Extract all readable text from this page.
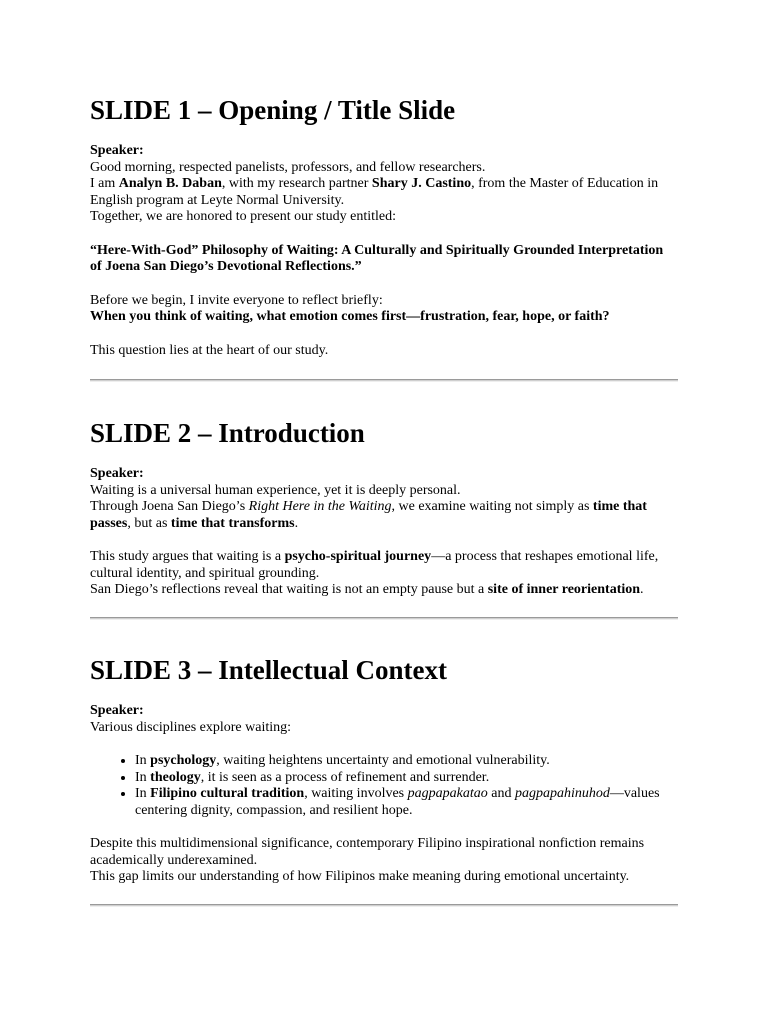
SLIDE 1 – Opening / Title Slide

Speaker:

Good morning, respected panelists, professors, and fellow researchers.

I am Analyn B. Daban, with my research partner Shary J. Castino, from the Master of Education in English program at Leyte Normal University.

Together, we are honored to present our study entitled:

“Here-With-God” Philosophy of Waiting: A Culturally and Spiritually Grounded Interpretation of Joena San Diego’s Devotional Reflections.”

Before we begin, I invite everyone to reflect briefly:

When you think of waiting, what emotion comes first—frustration, fear, hope, or faith?

This question lies at the heart of our study.

SLIDE 2 – Introduction

Speaker:

Waiting is a universal human experience, yet it is deeply personal.

Through Joena San Diego’s Right Here in the Waiting, we examine waiting not simply as time that passes, but as time that transforms.

This study argues that waiting is a psycho-spiritual journey—a process that reshapes emotional life, cultural identity, and spiritual grounding.

San Diego’s reflections reveal that waiting is not an empty pause but a site of inner reorientation.

SLIDE 3 – Intellectual Context

Speaker:

Various disciplines explore waiting:

• In psychology, waiting heightens uncertainty and emotional vulnerability.
• In theology, it is seen as a process of refinement and surrender.
• In Filipino cultural tradition, waiting involves pagpapakatao and pagpapahinuhod—values centering dignity, compassion, and resilient hope.

Despite this multidimensional significance, contemporary Filipino inspirational nonfiction remains academically underexamined.

This gap limits our understanding of how Filipinos make meaning during emotional uncertainty.
